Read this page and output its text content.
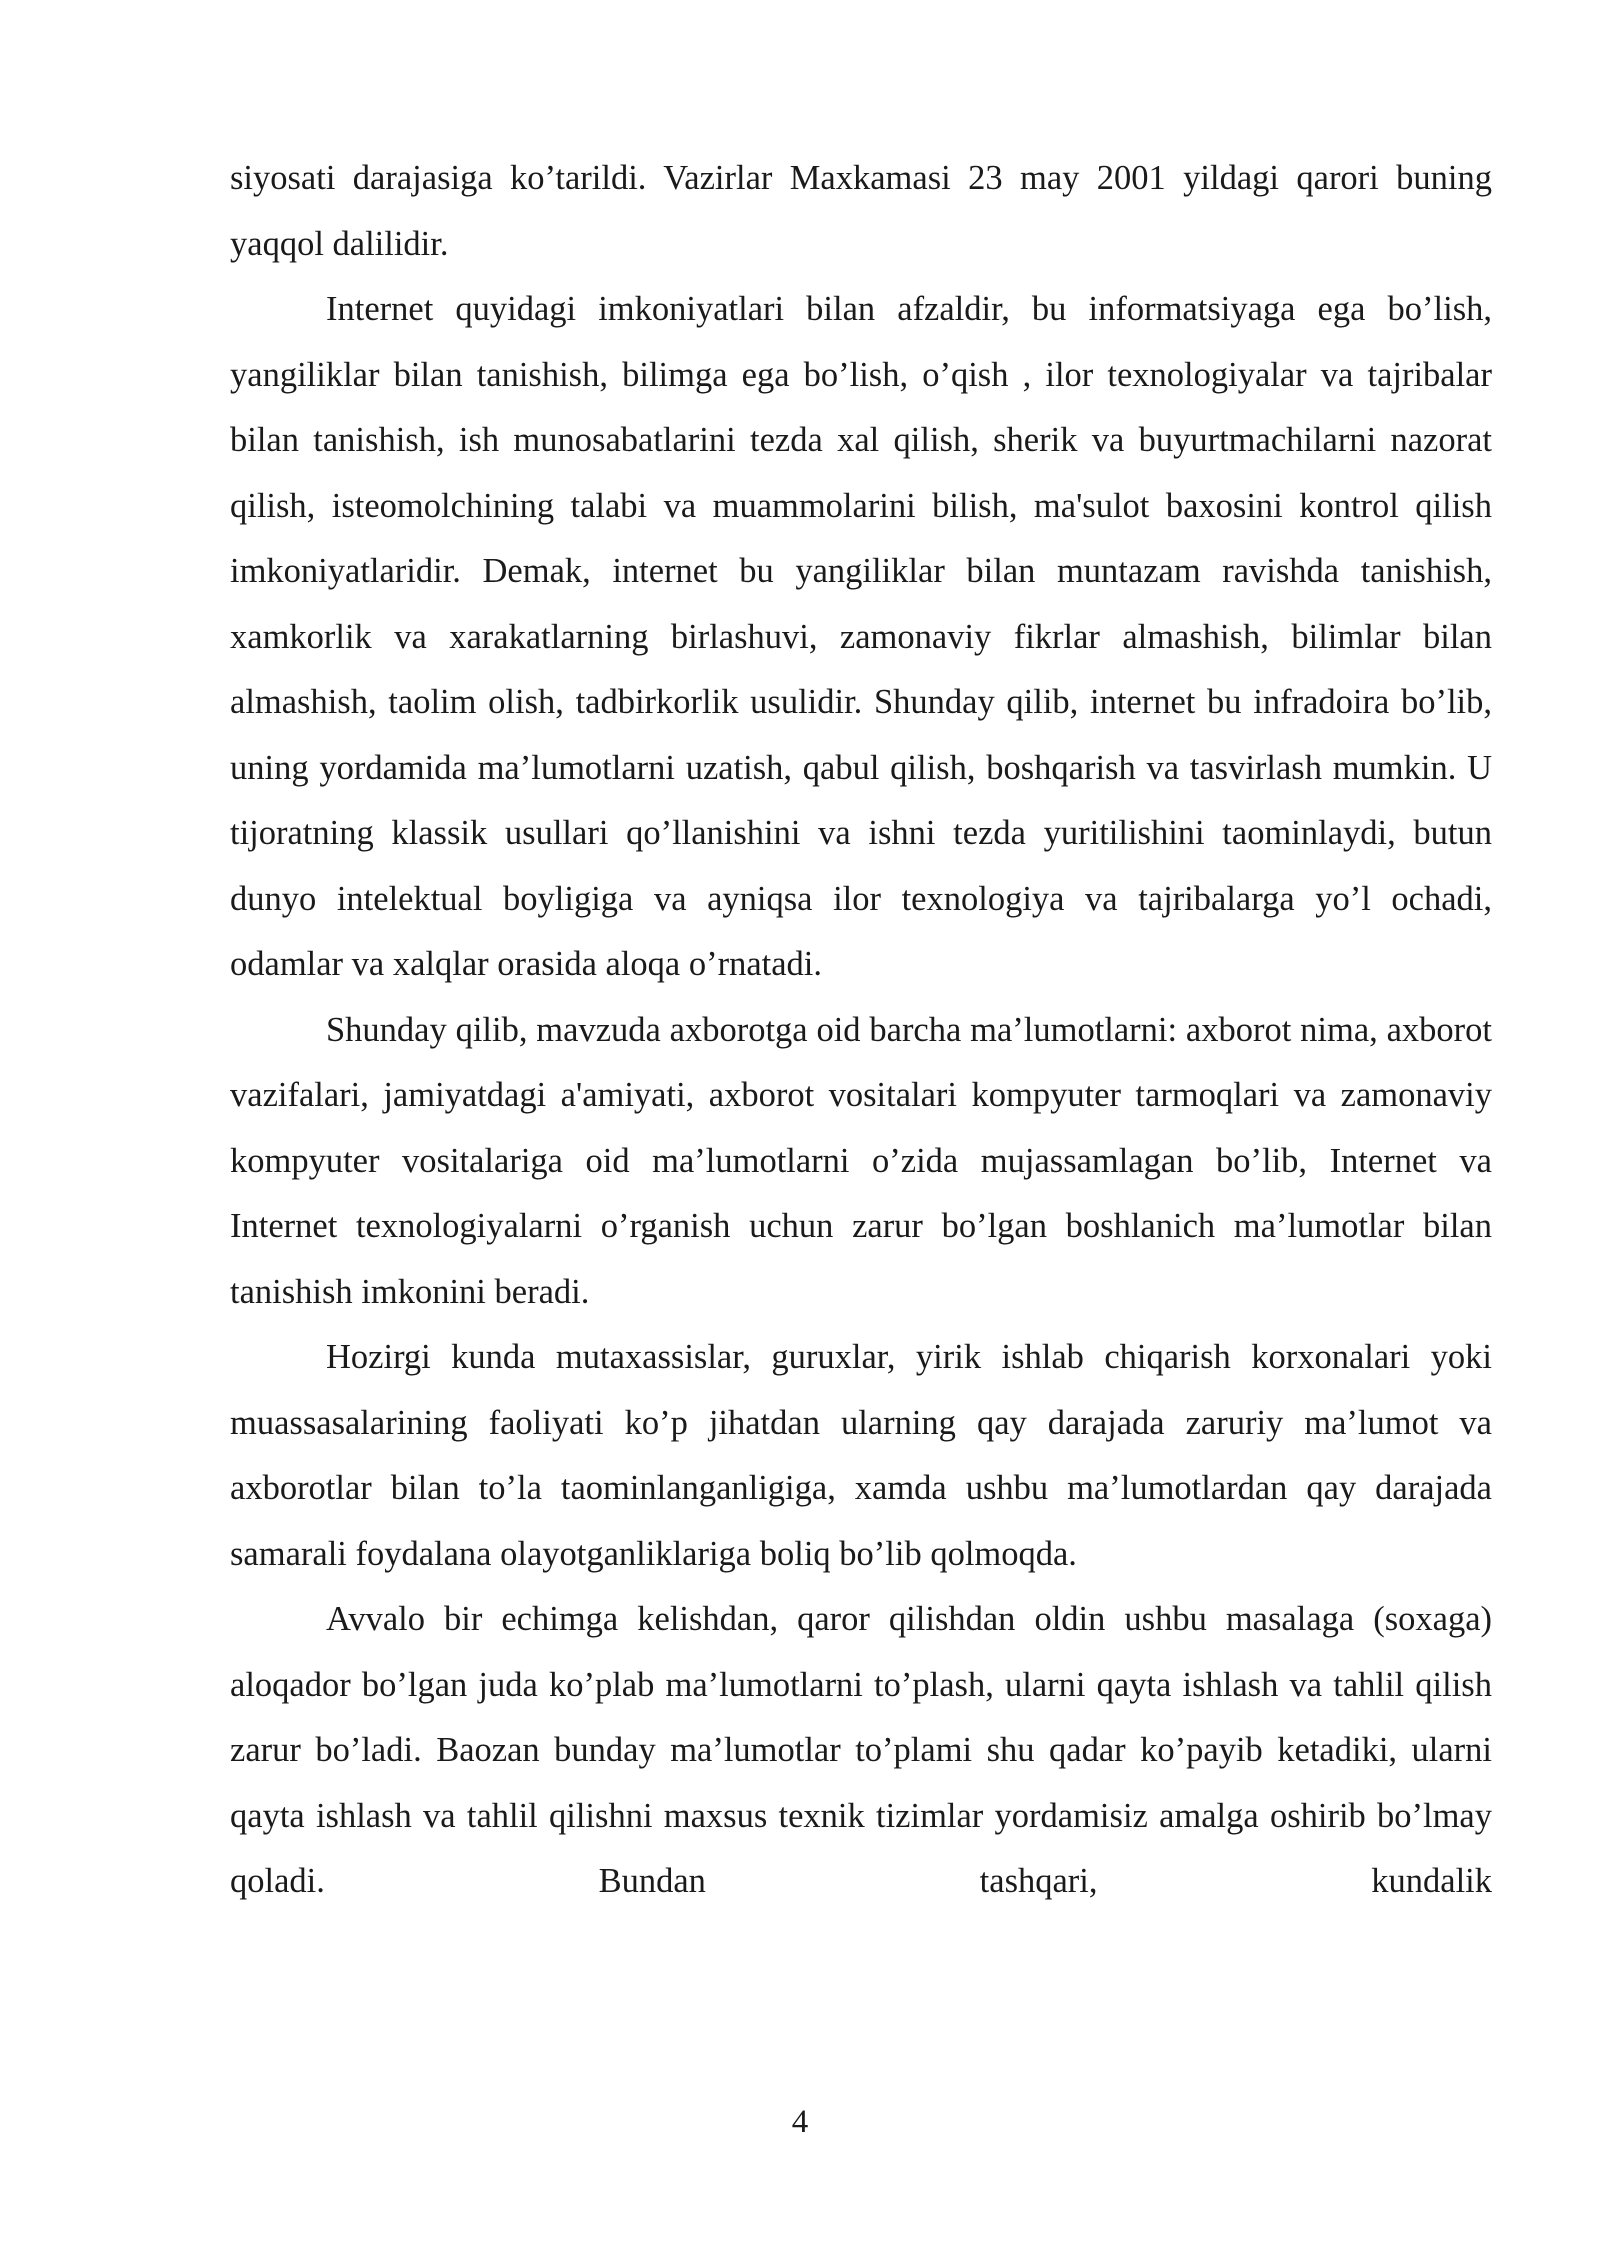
siyosati darajasiga ko’tarildi. Vazirlar Maxkamasi 23 may 2001 yildagi qarori buning yaqqol dalilidir.

Internet quyidagi imkoniyatlari bilan afzaldir, bu informatsiyaga ega bo’lish, yangiliklar bilan tanishish, bilimga ega bo’lish, o’qish , ilor texnologiyalar va tajribalar bilan tanishish, ish munosabatlarini tezda xal qilish, sherik va buyurtmachilarni nazorat qilish, isteomolchining talabi va muammolarini bilish, ma'sulot baxosini kontrol qilish imkoniyatlaridir. Demak, internet bu yangiliklar bilan muntazam ravishda tanishish, xamkorlik va xarakatlarning birlashuvi, zamonaviy fikrlar almashish, bilimlar bilan almashish, taolim olish, tadbirkorlik usulidir. Shunday qilib, internet bu infradoira bo’lib, uning yordamida ma’lumotlarni uzatish, qabul qilish, boshqarish va tasvirlash mumkin. U tijoratning klassik usullari qo’llanishini va ishni tezda yuritilishini taominlaydi, butun dunyo intelektual boyligiga va ayniqsa ilor texnologiya va tajribalarga yo’l ochadi, odamlar va xalqlar orasida aloqa o’rnatadi.

Shunday qilib, mavzuda axborotga oid barcha ma’lumotlarni: axborot nima, axborot vazifalari, jamiyatdagi a'amiyati, axborot vositalari kompyuter tarmoqlari va zamonaviy kompyuter vositalariga oid ma’lumotlarni o’zida mujassamlagan bo’lib, Internet va Internet texnologiyalarni o’rganish uchun zarur bo’lgan boshlanich ma’lumotlar bilan tanishish imkonini beradi.

Hozirgi kunda mutaxassislar, guruxlar, yirik ishlab chiqarish korxonalari yoki muassasalarining faoliyati ko’p jihatdan ularning qay darajada zaruriy ma’lumot va axborotlar bilan to’la taominlanganligiga, xamda ushbu ma’lumotlardan qay darajada samarali foydalana olayotganliklariga boliq bo’lib qolmoqda.

Avvalo bir echimga kelishdan, qaror qilishdan oldin ushbu masalaga (soxaga) aloqador bo’lgan juda ko’plab ma’lumotlarni to’plash, ularni qayta ishlash va tahlil qilish zarur bo’ladi. Baozan bunday ma’lumotlar to’plami shu qadar ko’payib ketadiki, ularni qayta ishlash va tahlil qilishni maxsus texnik tizimlar yordamisiz amalga oshirib bo’lmay qoladi. Bundan tashqari, kundalik

4
